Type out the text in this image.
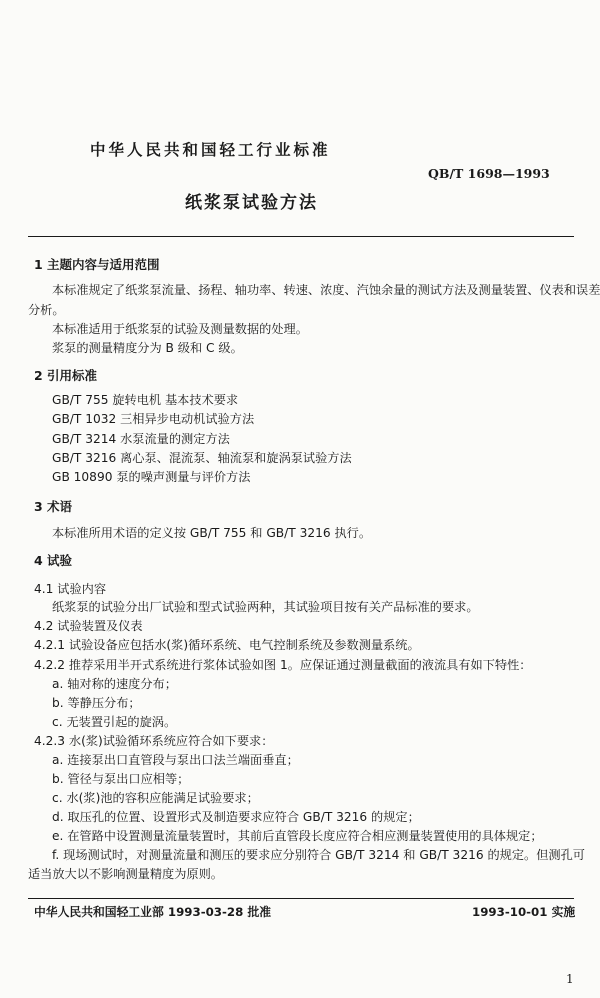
中华人民共和国轻工行业标准
QB/T 1698—1993
纸浆泵试验方法
1 主题内容与适用范围
本标准规定了纸浆泵流量、扬程、轴功率、转速、浓度、汽蚀余量的测试方法及测量装置、仪表和误差
分析。
本标准适用于纸浆泵的试验及测量数据的处理。
浆泵的测量精度分为 B 级和 C 级。
2 引用标准
GB/T 755 旋转电机 基本技术要求
GB/T 1032 三相异步电动机试验方法
GB/T 3214 水泵流量的测定方法
GB/T 3216 离心泵、混流泵、轴流泵和旋涡泵试验方法
GB 10890 泵的噪声测量与评价方法
3 术语
本标准所用术语的定义按 GB/T 755 和 GB/T 3216 执行。
4 试验
4.1 试验内容
纸浆泵的试验分出厂试验和型式试验两种，其试验项目按有关产品标准的要求。
4.2 试验装置及仪表
4.2.1 试验设备应包括水(浆)循环系统、电气控制系统及参数测量系统。
4.2.2 推荐采用半开式系统进行浆体试验如图 1。应保证通过测量截面的液流具有如下特性：
a. 轴对称的速度分布；
b. 等静压分布；
c. 无装置引起的旋涡。
4.2.3 水(浆)试验循环系统应符合如下要求：
a. 连接泵出口直管段与泵出口法兰端面垂直；
b. 管径与泵出口应相等；
c. 水(浆)池的容积应能满足试验要求；
d. 取压孔的位置、设置形式及制造要求应符合 GB/T 3216 的规定；
e. 在管路中设置测量流量装置时，其前后直管段长度应符合相应测量装置使用的具体规定；
f. 现场测试时，对测量流量和测压的要求应分别符合 GB/T 3214 和 GB/T 3216 的规定。但测孔可
适当放大以不影响测量精度为原则。
中华人民共和国轻工业部 1993-03-28 批准	1993-10-01 实施
1
